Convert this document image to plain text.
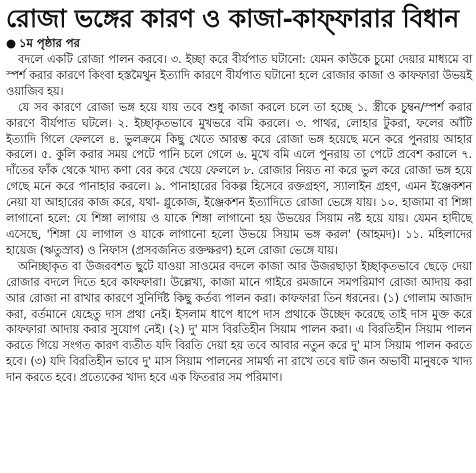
রোজা ভঙ্গের কারণ ও কাজা-কাফ্‌ফারার বিধান
● ১ম পৃষ্ঠার পর

বদলে একটি রোজা পালন করবে। ৩. ইচ্ছা করে বীর্যপাত ঘটানো: যেমন কাউকে চুমো দেয়ার মাধ্যমে বা স্পর্শ করার কারণে কিংবা হস্তমৈথুন ইত্যাদি কারণে বীর্যপাত ঘটানো হলে রোজার কাজা ও কাফফারা উভয়ই ওয়াজিব হয়।

যে সব কারণে রোজা ভঙ্গ হয়ে যায় তবে শুধু কাজা করলে চলে তা হচ্ছে ১. স্ত্রীকে চুম্বন/স্পর্শ করার কারণে বীর্যপাত ঘটলে। ২. ইচ্ছাকৃতভাবে মুখভরে বমি করলে। ৩. পাথর, লোহার টুকরা, ফলের আঁটি ইত্যাদি গিলে ফেললে ৪. ভুলক্রমে কিছু খেতে আরম্ভ করে রোজা ভঙ্গ হয়েছে মনে করে পুনরায় আহার করলে। ৫. কুলি করার সময় পেটে পানি চলে গেলে ৬. মুখে বমি এলে পুনরায় তা পেটে প্রবেশ করালে ৭. দাঁতের ফাঁক থেকে খাদ্য কণা বের করে খেয়ে ফেললে ৮. রোজার নিয়ত না করে ভুল করে রোজা ভঙ্গ হয়ে গেছে মনে করে পানাহার করলে। ৯. পানাহারের বিকল্প হিসেবে রক্তগ্রহণ, স্যালাইন গ্রহণ, এমন ইঞ্জেকশন নেয়া যা আহারের কাজ করে, যথা- গ্লুকোজ, ইঞ্জেকশন ইত্যাদিতে রোজা ভেঙ্গে যায়। ১০. হাজামা বা শিঙ্গা লাগানো হলে: যে শিঙ্গা লাগায় ও যাকে শিঙ্গা লাগানো হয় উভয়ের সিয়াম নষ্ট হয়ে যায়। যেমন হাদীছে এসেছে, 'শিঙ্গা যে লাগাল ও যাকে লাগানো হলো উভয়ে সিয়াম ভঙ্গ করল' (আহমদ)। ১১. মহিলাদের হায়েজ (ঋতুস্রাব) ও নিফাস (প্রসবজনিত রক্তক্ষরণ) হলে রোজা ভেঙ্গে যায়।

অনিচ্ছাকৃত বা উজরবশত ছুটে যাওয়া সাওমের বদলে কাজা আর উজরছাড়া ইচ্ছাকৃতভাবে ছেড়ে দেয়া রোজার বদলে দিতে হবে কাফফারা। উল্লেখ্য, কাজা মানে গাইরে রমজানে সমপরিমাণ রোজা আদায় করা আর রোজা না রাখার কারণে সুনির্দিষ্ট কিছু কর্তব্য পালন করা। কাফফারা তিন ধরনের। (১) গোলাম আজাদ করা, বর্তমানে যেহেতু দাস প্রথা নেই। ইসলাম ধাপে ধাপে দাস প্রথাকে উচ্ছেদ করেছে তাই দাস মুক্ত করে কাফফারা আদায় করার সুযোগ নেই। (২) দু' মাস বিরতিহীন সিয়াম পালন করা। এ বিরতিহীন সিয়াম পালন করতে গিয়ে সংগত কারণ ব্যতীত যদি বিরতি দেয়া হয় তবে আবার নতুন করে দু' মাস সিয়াম পালন করতে হবে। (৩) যদি বিরতিহীন ভাবে দু' মাস সিয়াম পালনের সামর্থ্য না রাখে তবে ষাট জন অভাবী মানুষকে খাদ্য দান করতে হবে। প্রত্যেকের খাদ্য হবে এক ফিতরার সম পরিমাণ।
